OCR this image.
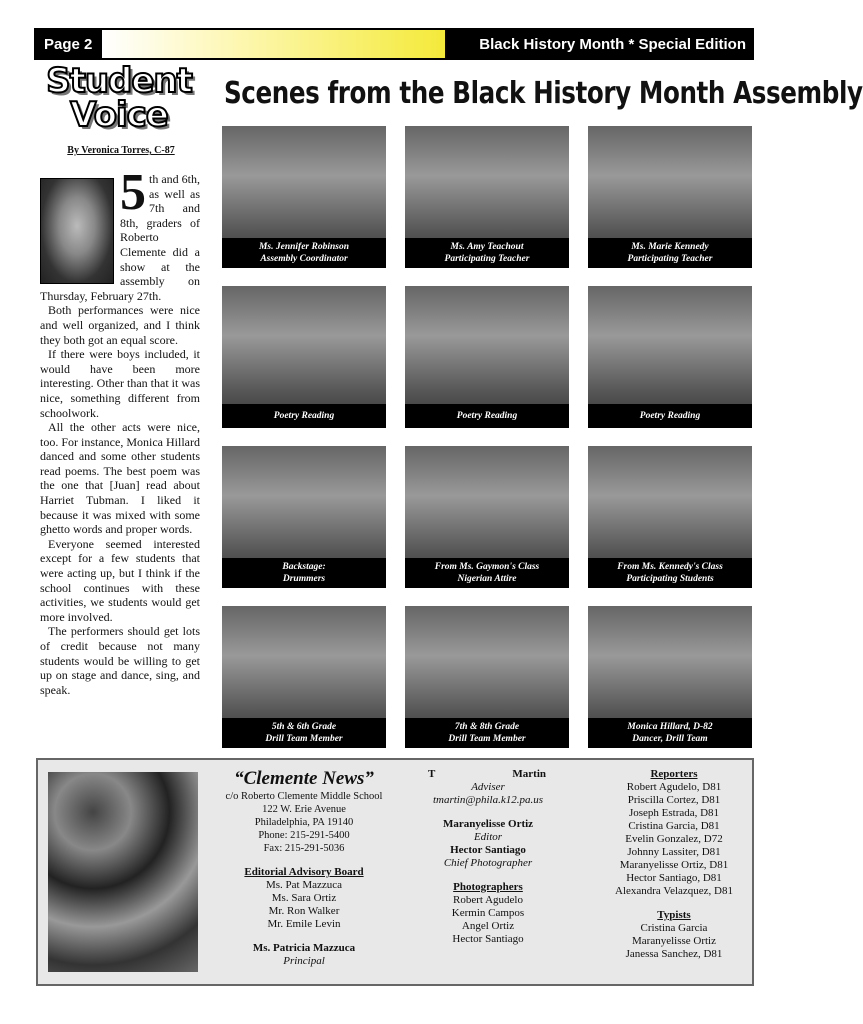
Page 2	Black History Month * Special Edition
Student
Voice
Scenes from the Black History Month Assembly
By Veronica Torres, C-87

5 th and 6th, as well as 7th and 8th, graders of Roberto Clemente did a show at the assembly on Thursday, February 27th.

Both performances were nice and well organized, and I think they both got an equal score.

If there were boys included, it would have been more interesting. Other than that it was nice, something different from schoolwork.

All the other acts were nice, too. For instance, Monica Hillard danced and some other students read poems. The best poem was the one that [Juan] read about Harriet Tubman. I liked it because it was mixed with some ghetto words and proper words.

Everyone seemed interested except for a few students that were acting up, but I think if the school continues with these activities, we students would get more involved.

The performers should get lots of credit because not many students would be willing to get up on stage and dance, sing, and speak.

Ms. Jennifer Robinson
Assembly Coordinator
Ms. Amy Teachout
Participating Teacher
Ms. Marie Kennedy
Participating Teacher
Poetry Reading	Poetry Reading	Poetry Reading
Backstage:
Drummers
From Ms. Gaymon's Class
Nigerian Attire
From Ms. Kennedy's Class
Participating Students
5th & 6th Grade
Drill Team Member
7th & 8th Grade
Drill Team Member
Monica Hillard, D-82
Dancer, Drill Team
“Clemente News”
c/o Roberto Clemente Middle School
122 W. Erie Avenue
Philadelphia, PA 19140
Phone: 215-291-5400
Fax: 215-291-5036
Editorial Advisory Board
Ms. Pat Mazzuca
Ms. Sara Ortiz
Mr. Ron Walker
Mr. Emile Levin
Ms. Patricia Mazzuca
Principal
T	Martin
Adviser
tmartin@phila.k12.pa.us
Maranyelisse Ortiz
Editor
Hector Santiago
Chief Photographer
Photographers
Robert Agudelo
Kermin Campos
Angel Ortiz
Hector Santiago
Reporters
Robert Agudelo, D81
Priscilla Cortez, D81
Joseph Estrada, D81
Cristina Garcia, D81
Evelin Gonzalez, D72
Johnny Lassiter, D81
Maranyelisse Ortiz, D81
Hector Santiago, D81
Alexandra Velazquez, D81
Typists
Cristina Garcia
Maranyelisse Ortiz
Janessa Sanchez, D81
